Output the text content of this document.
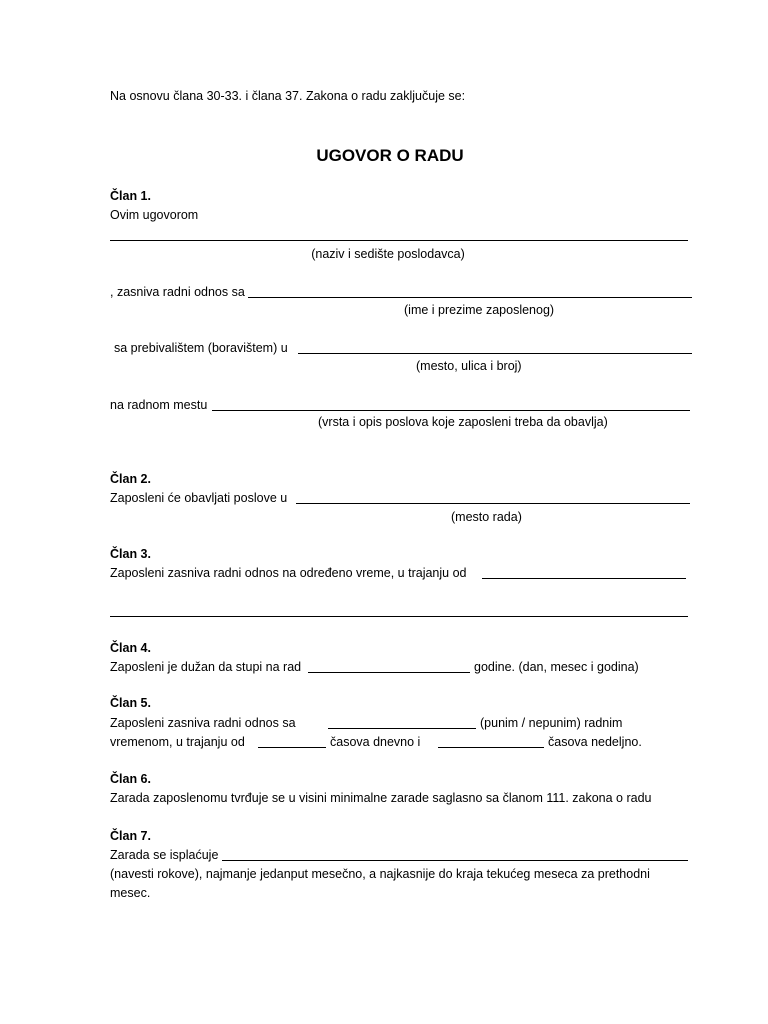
Na osnovu člana 30-33. i člana 37. Zakona o radu zaključuje se:
UGOVOR O RADU
Član 1.
Ovim ugovorom
(naziv i sedište poslodavca)
, zasniva radni odnos sa
(ime i prezime zaposlenog)
sa prebivalištem (boravištem) u
(mesto, ulica i broj)
na radnom mestu
(vrsta i opis poslova koje zaposleni treba da obavlja)
Član 2.
Zaposleni će obavljati poslove u
(mesto rada)
Član 3.
Zaposleni zasniva radni odnos na određeno vreme, u trajanju od
Član 4.
Zaposleni je dužan da stupi na rad	godine. (dan, mesec i godina)
Član 5.
Zaposleni zasniva radni odnos sa	(punim / nepunim) radnim
vremenom, u trajanju od	časova dnevno i	časova nedeljno.
Član 6.
Zarada zaposlenomu tvrđuje se u visini minimalne zarade saglasno sa članom 111. zakona o radu
Član 7.
Zarada se isplaćuje
(navesti rokove), najmanje jedanput mesečno, a najkasnije do kraja tekućeg meseca za prethodni
mesec.
